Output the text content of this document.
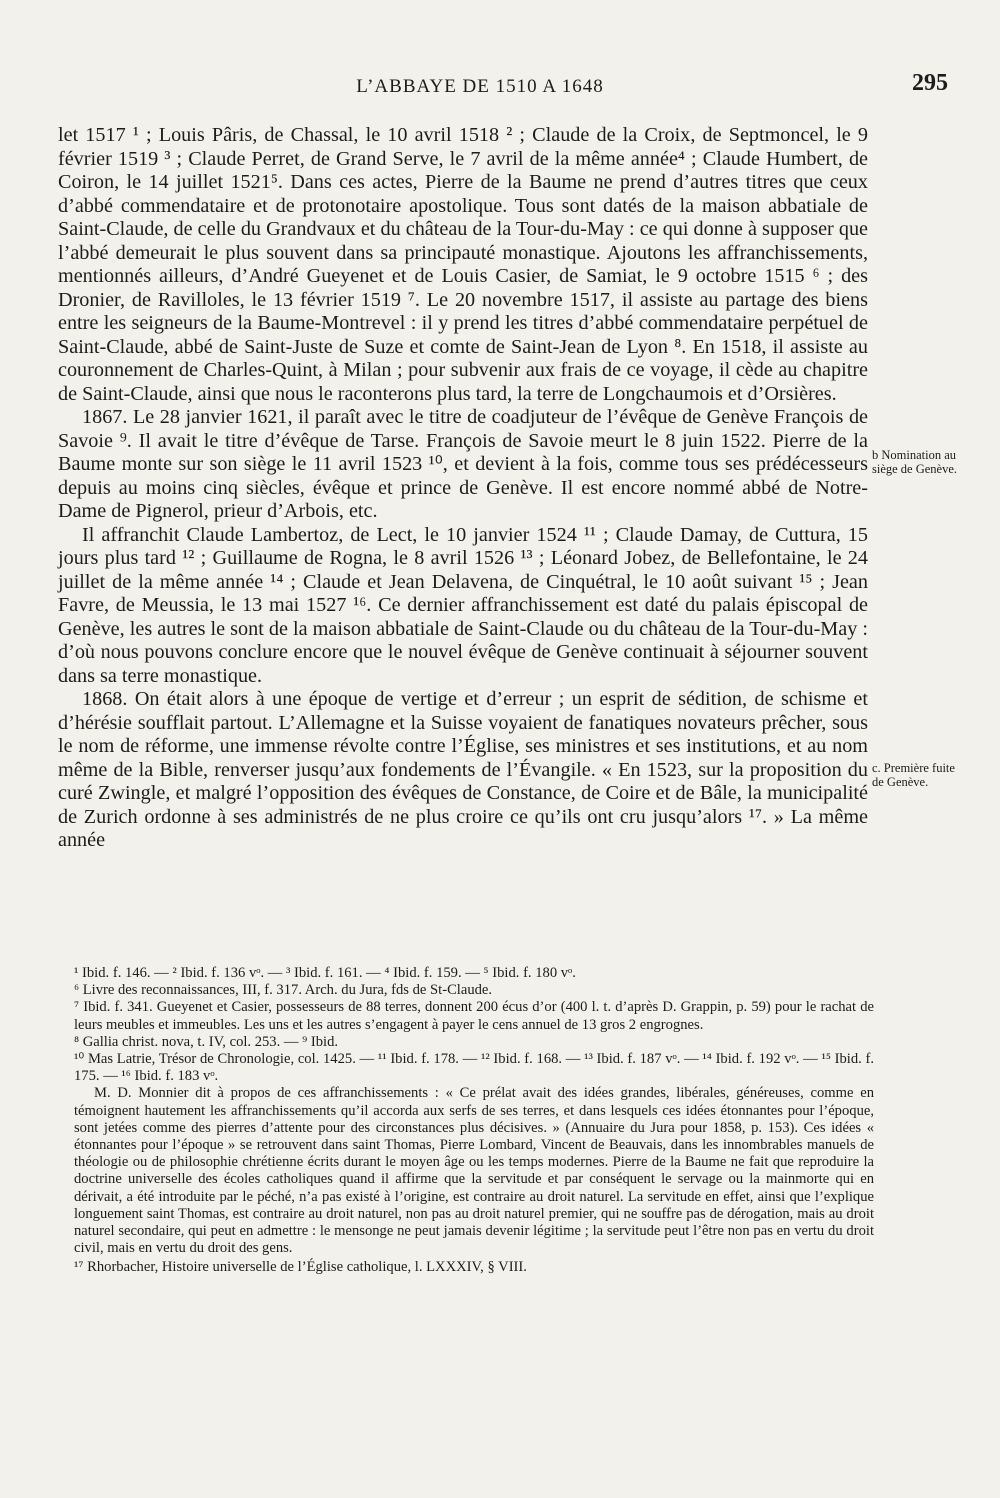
L’ABBAYE DE 1510 A 1648	295

let 1517 ¹ ; Louis Pâris, de Chassal, le 10 avril 1518 ² ; Claude de la Croix, de Septmoncel, le 9 février 1519 ³ ; Claude Perret, de Grand Serve, le 7 avril de la même année⁴ ; Claude Humbert, de Coiron, le 14 juillet 1521⁵. Dans ces actes, Pierre de la Baume ne prend d’autres titres que ceux d’abbé commendataire et de protonotaire apostolique. Tous sont datés de la maison abbatiale de Saint-Claude, de celle du Grandvaux et du château de la Tour-du-May : ce qui donne à supposer que l’abbé demeurait le plus souvent dans sa principauté monastique. Ajoutons les affranchissements, mentionnés ailleurs, d’André Gueyenet et de Louis Casier, de Samiat, le 9 octobre 1515 ⁶ ; des Dronier, de Ravilloles, le 13 février 1519 ⁷. Le 20 novembre 1517, il assiste au partage des biens entre les seigneurs de la Baume-Montrevel : il y prend les titres d’abbé commendataire perpétuel de Saint-Claude, abbé de Saint-Juste de Suze et comte de Saint-Jean de Lyon ⁸. En 1518, il assiste au couronnement de Charles-Quint, à Milan ; pour subvenir aux frais de ce voyage, il cède au chapitre de Saint-Claude, ainsi que nous le raconterons plus tard, la terre de Longchaumois et d’Orsières.

1867. Le 28 janvier 1621, il paraît avec le titre de coadjuteur de l’évêque de Genève François de Savoie ⁹. Il avait le titre d’évêque de Tarse. François de Savoie meurt le 8 juin 1522. Pierre de la Baume monte sur son siège le 11 avril 1523 ¹⁰, et devient à la fois, comme tous ses prédécesseurs depuis au moins cinq siècles, évêque et prince de Genève. Il est encore nommé abbé de Notre-Dame de Pignerol, prieur d’Arbois, etc.

Il affranchit Claude Lambertoz, de Lect, le 10 janvier 1524 ¹¹ ; Claude Damay, de Cuttura, 15 jours plus tard ¹² ; Guillaume de Rogna, le 8 avril 1526 ¹³ ; Léonard Jobez, de Bellefontaine, le 24 juillet de la même année ¹⁴ ; Claude et Jean Delavena, de Cinquétral, le 10 août suivant ¹⁵ ; Jean Favre, de Meussia, le 13 mai 1527 ¹⁶. Ce dernier affranchissement est daté du palais épiscopal de Genève, les autres le sont de la maison abbatiale de Saint-Claude ou du château de la Tour-du-May : d’où nous pouvons conclure encore que le nouvel évêque de Genève continuait à séjourner souvent dans sa terre monastique.

1868. On était alors à une époque de vertige et d’erreur ; un esprit de sédition, de schisme et d’hérésie soufflait partout. L’Allemagne et la Suisse voyaient de fanatiques novateurs prêcher, sous le nom de réforme, une immense révolte contre l’Église, ses ministres et ses institutions, et au nom même de la Bible, renverser jusqu’aux fondements de l’Évangile. « En 1523, sur la proposition du curé Zwingle, et malgré l’opposition des évêques de Constance, de Coire et de Bâle, la municipalité de Zurich ordonne à ses administrés de ne plus croire ce qu’ils ont cru jusqu’alors ¹⁷. » La même année

b Nomination au siège de Genève.
c. Première fuite de Genève.

¹ Ibid. f. 146. — ² Ibid. f. 136 vᵒ. — ³ Ibid. f. 161. — ⁴ Ibid. f. 159. — ⁵ Ibid. f. 180 vᵒ.

⁶ Livre des reconnaissances, III, f. 317. Arch. du Jura, fds de St-Claude.

⁷ Ibid. f. 341. Gueyenet et Casier, possesseurs de 88 terres, donnent 200 écus d’or (400 l. t. d’après D. Grappin, p. 59) pour le rachat de leurs meubles et immeubles. Les uns et les autres s’engagent à payer le cens annuel de 13 gros 2 engrognes.

⁸ Gallia christ. nova, t. IV, col. 253. — ⁹ Ibid.

¹⁰ Mas Latrie, Trésor de Chronologie, col. 1425. — ¹¹ Ibid. f. 178. — ¹² Ibid. f. 168. — ¹³ Ibid. f. 187 vᵒ. — ¹⁴ Ibid. f. 192 vᵒ. — ¹⁵ Ibid. f. 175. — ¹⁶ Ibid. f. 183 vᵒ.

M. D. Monnier dit à propos de ces affranchissements : « Ce prélat avait des idées grandes, libérales, généreuses, comme en témoignent hautement les affranchissements qu’il accorda aux serfs de ses terres, et dans lesquels ces idées étonnantes pour l’époque, sont jetées comme des pierres d’attente pour des circonstances plus décisives. » (Annuaire du Jura pour 1858, p. 153). Ces idées « étonnantes pour l’époque » se retrouvent dans saint Thomas, Pierre Lombard, Vincent de Beauvais, dans les innombrables manuels de théologie ou de philosophie chrétienne écrits durant le moyen âge ou les temps modernes. Pierre de la Baume ne fait que reproduire la doctrine universelle des écoles catholiques quand il affirme que la servitude et par conséquent le servage ou la mainmorte qui en dérivait, a été introduite par le péché, n’a pas existé à l’origine, est contraire au droit naturel. La servitude en effet, ainsi que l’explique longuement saint Thomas, est contraire au droit naturel, non pas au droit naturel premier, qui ne souffre pas de dérogation, mais au droit naturel secondaire, qui peut en admettre : le mensonge ne peut jamais devenir légitime ; la servitude peut l’être non pas en vertu du droit civil, mais en vertu du droit des gens.

¹⁷ Rhorbacher, Histoire universelle de l’Église catholique, l. LXXXIV, § VIII.
